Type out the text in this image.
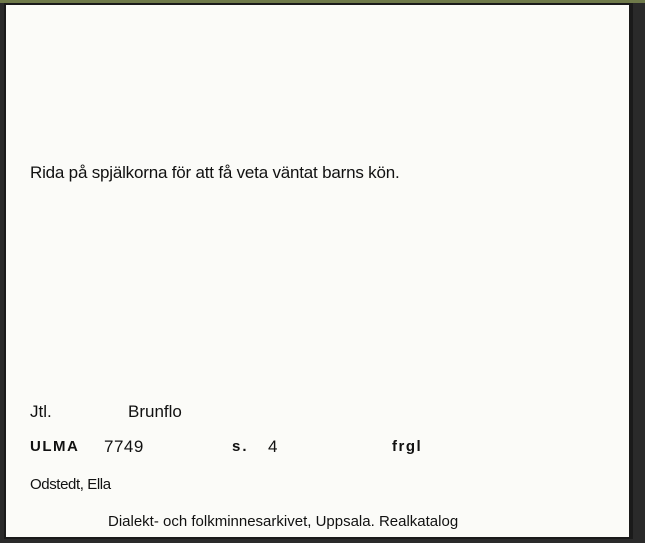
Rida på spjälkorna för att få veta väntat barns kön.
Jtl.	Brunflo
ULMA 7749	s. 4	frgl
Odstedt, Ella
Dialekt- och folkminnesarkivet, Uppsala. Realkatalog
